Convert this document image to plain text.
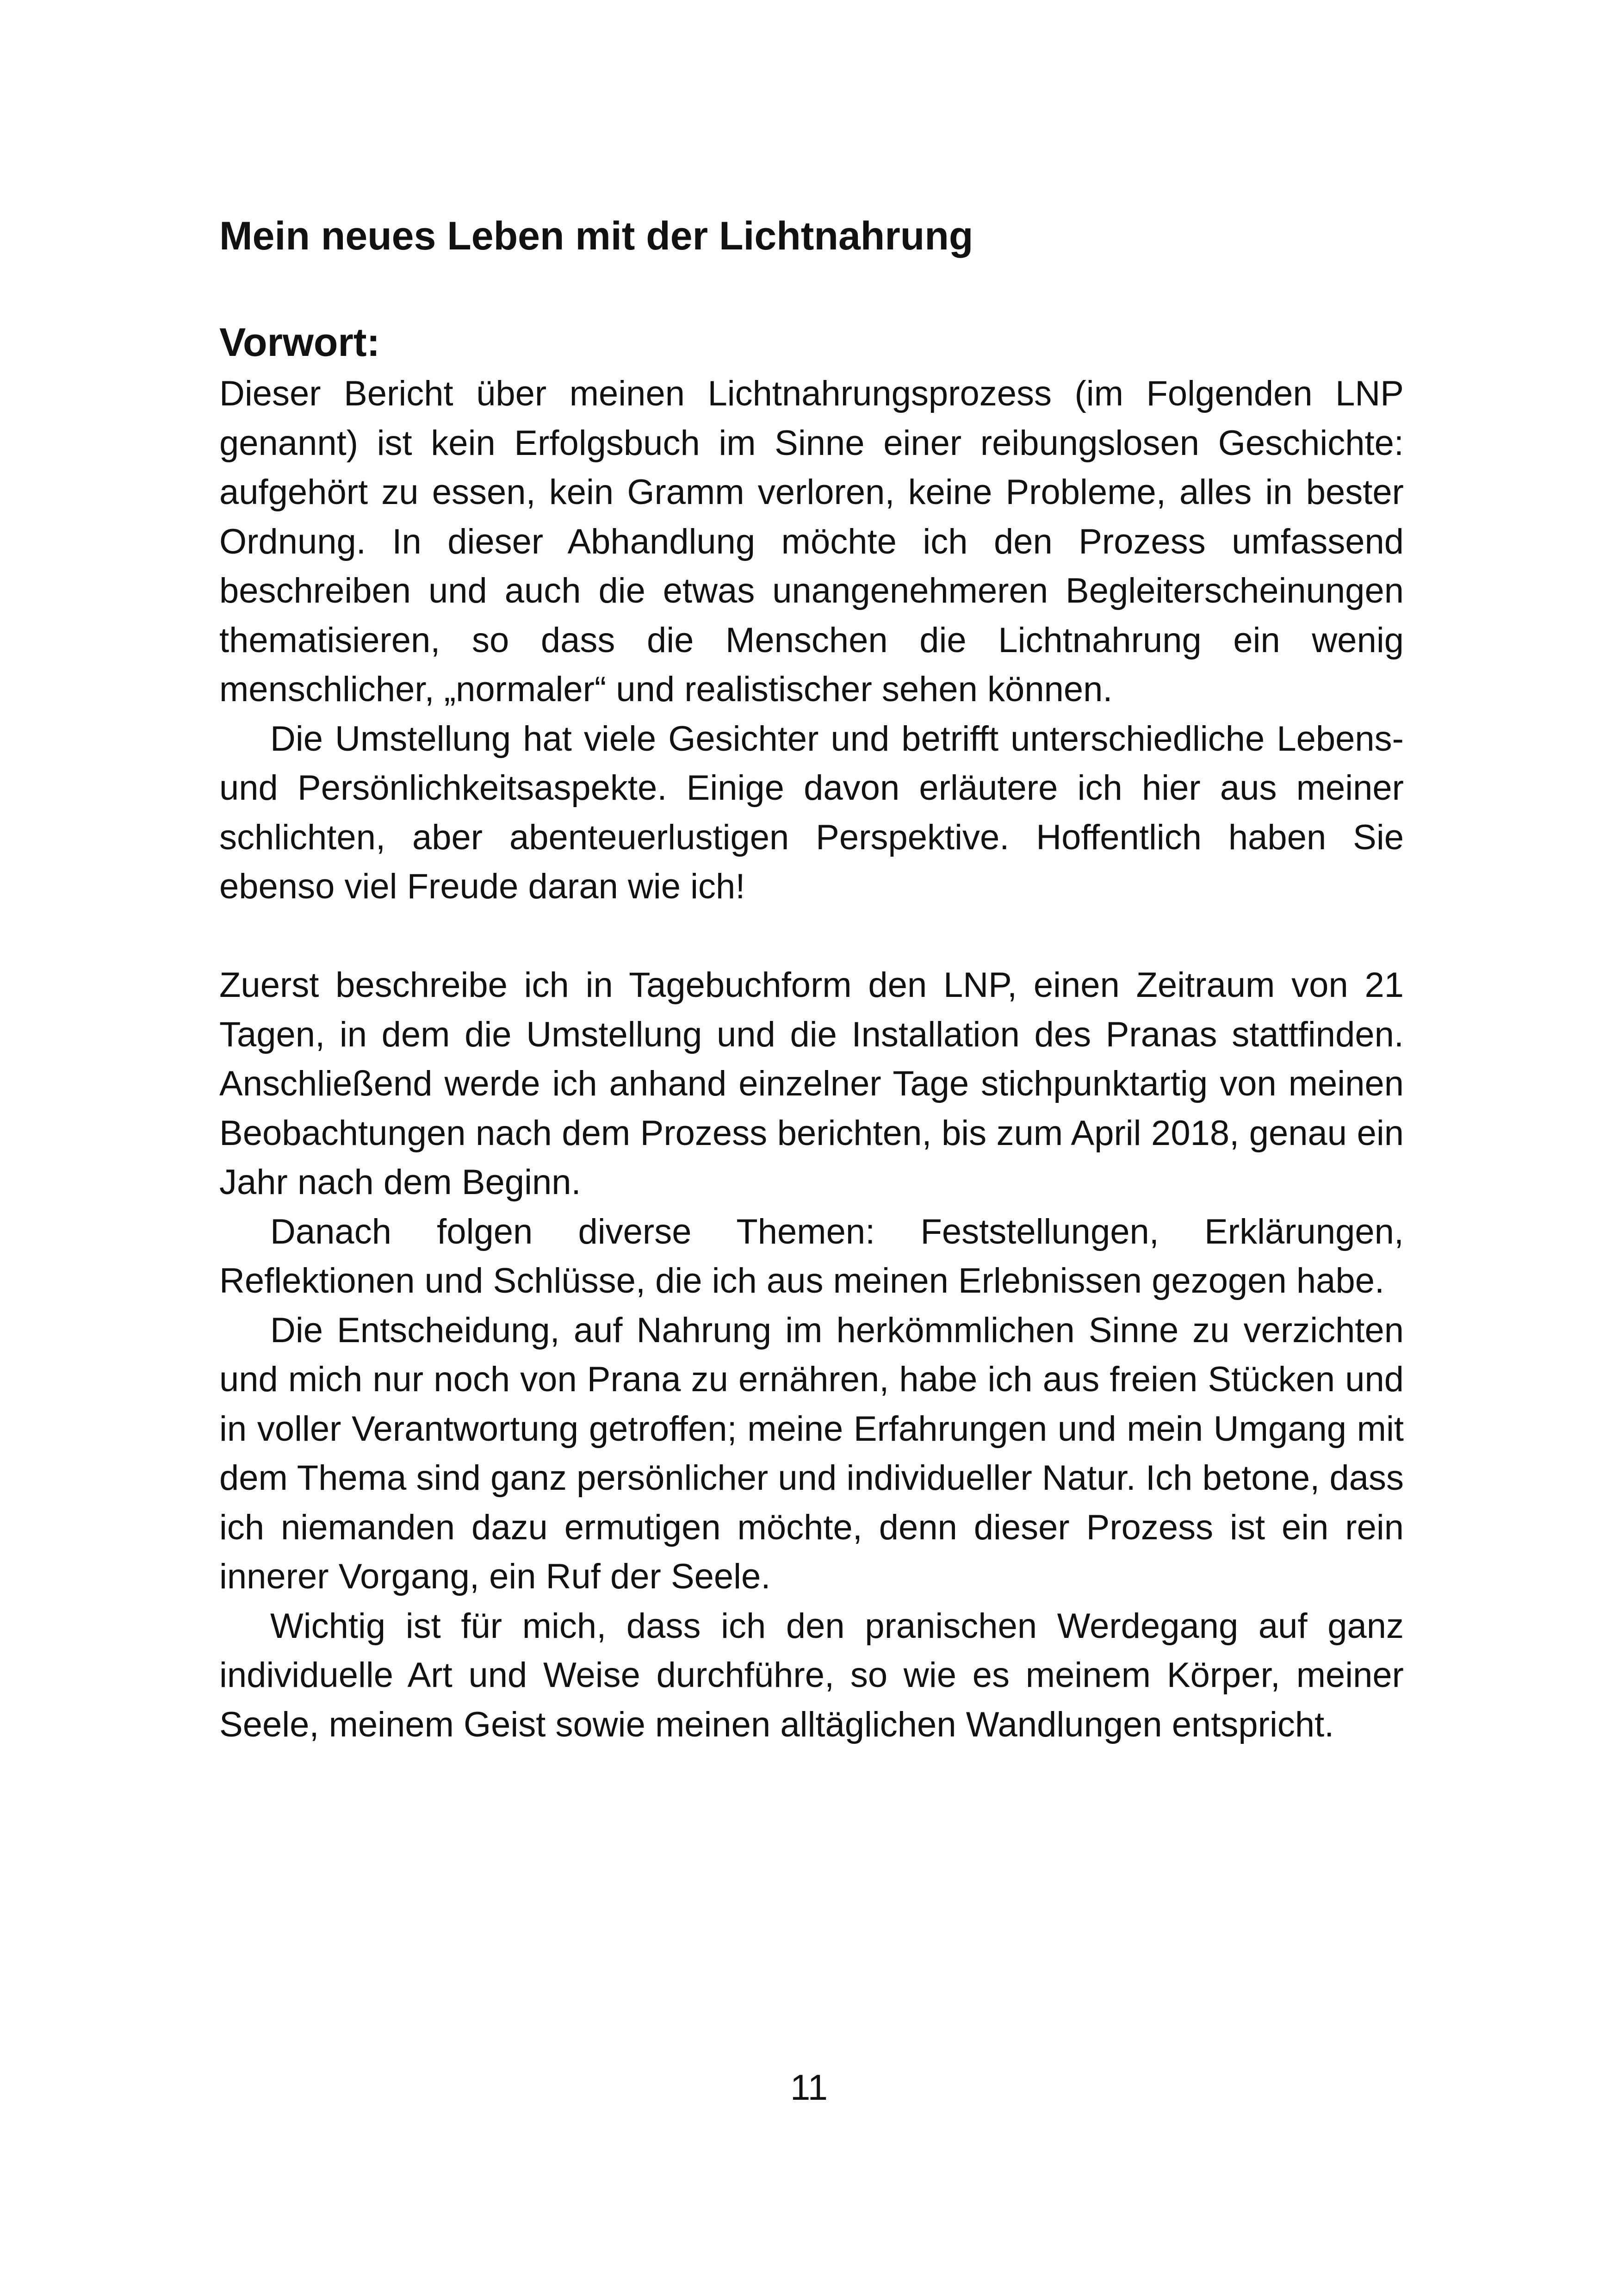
Mein neues Leben mit der Lichtnahrung
Vorwort:

Dieser Bericht über meinen Lichtnahrungsprozess (im Folgenden LNP genannt) ist kein Erfolgsbuch im Sinne einer reibungslosen Geschichte: aufgehört zu essen, kein Gramm verloren, keine Probleme, alles in bester Ordnung. In dieser Abhandlung möchte ich den Prozess umfassend beschreiben und auch die etwas unangenehmeren Begleiterscheinungen thematisieren, so dass die Menschen die Lichtnahrung ein wenig menschlicher, „normaler“ und realistischer sehen können.

Die Umstellung hat viele Gesichter und betrifft unterschiedliche Lebens- und Persönlichkeitsaspekte. Einige davon erläutere ich hier aus meiner schlichten, aber abenteuerlustigen Perspektive. Hoffentlich haben Sie ebenso viel Freude daran wie ich!

Zuerst beschreibe ich in Tagebuchform den LNP, einen Zeitraum von 21 Tagen, in dem die Umstellung und die Installation des Pranas stattfinden. Anschließend werde ich anhand einzelner Tage stichpunktartig von meinen Beobachtungen nach dem Prozess berichten, bis zum April 2018, genau ein Jahr nach dem Beginn.

Danach folgen diverse Themen: Feststellungen, Erklärungen, Reflektionen und Schlüsse, die ich aus meinen Erlebnissen gezogen habe.

Die Entscheidung, auf Nahrung im herkömmlichen Sinne zu verzichten und mich nur noch von Prana zu ernähren, habe ich aus freien Stücken und in voller Verantwortung getroffen; meine Erfahrungen und mein Umgang mit dem Thema sind ganz persönlicher und individueller Natur. Ich betone, dass ich niemanden dazu ermutigen möchte, denn dieser Prozess ist ein rein innerer Vorgang, ein Ruf der Seele.

Wichtig ist für mich, dass ich den pranischen Werdegang auf ganz individuelle Art und Weise durchführe, so wie es meinem Körper, meiner Seele, meinem Geist sowie meinen alltäglichen Wandlungen entspricht.

11
